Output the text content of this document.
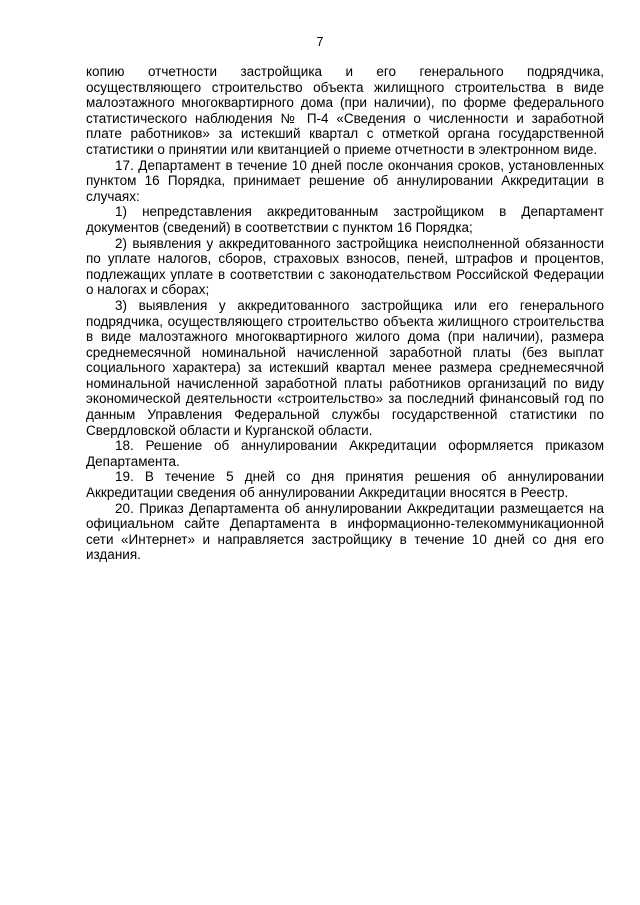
7

копию отчетности застройщика и его генерального подрядчика, осуществляющего строительство объекта жилищного строительства в виде малоэтажного многоквартирного дома (при наличии), по форме федерального статистического наблюдения № П-4 «Сведения о численности и заработной плате работников» за истекший квартал с отметкой органа государственной статистики о принятии или квитанцией о приеме отчетности в электронном виде.

17. Департамент в течение 10 дней после окончания сроков, установленных пунктом 16 Порядка, принимает решение об аннулировании Аккредитации в случаях:

1) непредставления аккредитованным застройщиком в Департамент документов (сведений) в соответствии с пунктом 16 Порядка;

2) выявления у аккредитованного застройщика неисполненной обязанности по уплате налогов, сборов, страховых взносов, пеней, штрафов и процентов, подлежащих уплате в соответствии с законодательством Российской Федерации о налогах и сборах;

3) выявления у аккредитованного застройщика или его генерального подрядчика, осуществляющего строительство объекта жилищного строительства в виде малоэтажного многоквартирного жилого дома (при наличии), размера среднемесячной номинальной начисленной заработной платы (без выплат социального характера) за истекший квартал менее размера среднемесячной номинальной начисленной заработной платы работников организаций по виду экономической деятельности «строительство» за последний финансовый год по данным Управления Федеральной службы государственной статистики по Свердловской области и Курганской области.

18. Решение об аннулировании Аккредитации оформляется приказом Департамента.

19. В течение 5 дней со дня принятия решения об аннулировании Аккредитации сведения об аннулировании Аккредитации вносятся в Реестр.

20. Приказ Департамента об аннулировании Аккредитации размещается на официальном сайте Департамента в информационно-телекоммуникационной сети «Интернет» и направляется застройщику в течение 10 дней со дня его издания.
